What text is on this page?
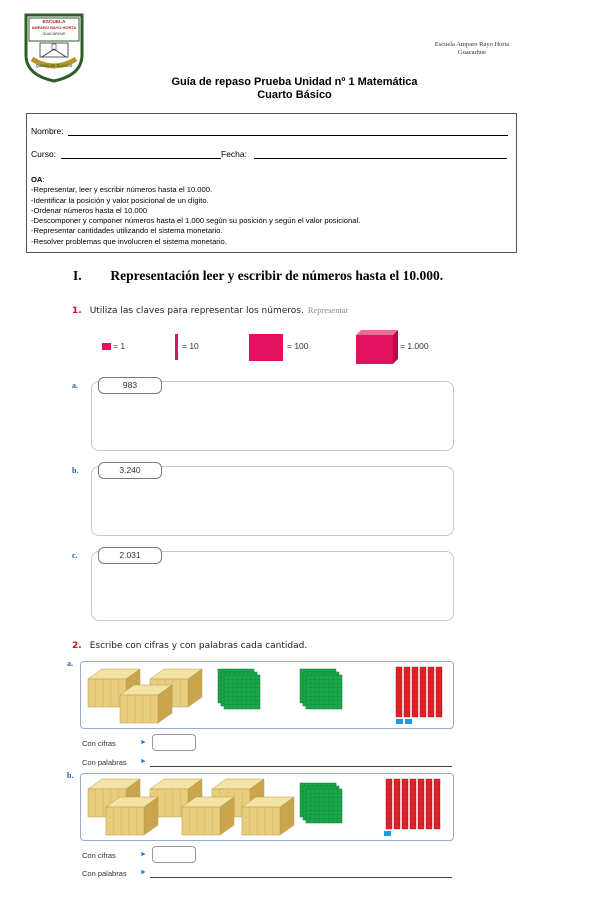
ESCUELA
AMPARO RAYO HORTA
GUACARHUE
QUINTA DE TILCOCO
Escuela Amparo Rayo Horta
Guacarhue
Guía de repaso Prueba Unidad nº 1 Matemática
Cuarto Básico
Nombre:
Curso:	Fecha:
OA:
-Representar, leer y escribir números hasta el 10.000.
-Identificar la posición y valor posicional de un dígito.
-Ordenar números hasta el 10.000
-Descomponer y componer números hasta el 1.000 según su posición y según el valor posicional.
-Representar cantidades utilizando el sistema monetario.
-Resolver problemas que involucren el sistema monetario.
I. Representación leer y escribir de números hasta el 10.000.
1. Utiliza las claves para representar los números. Representar
= 1	= 10	= 100	= 1.000
a.	983
b.	3.240
c.	2.031
2. Escribe con cifras y con palabras cada cantidad.
a.
Con cifras	►
Con palabras ►
b.
Con cifras	►
Con palabras ►
